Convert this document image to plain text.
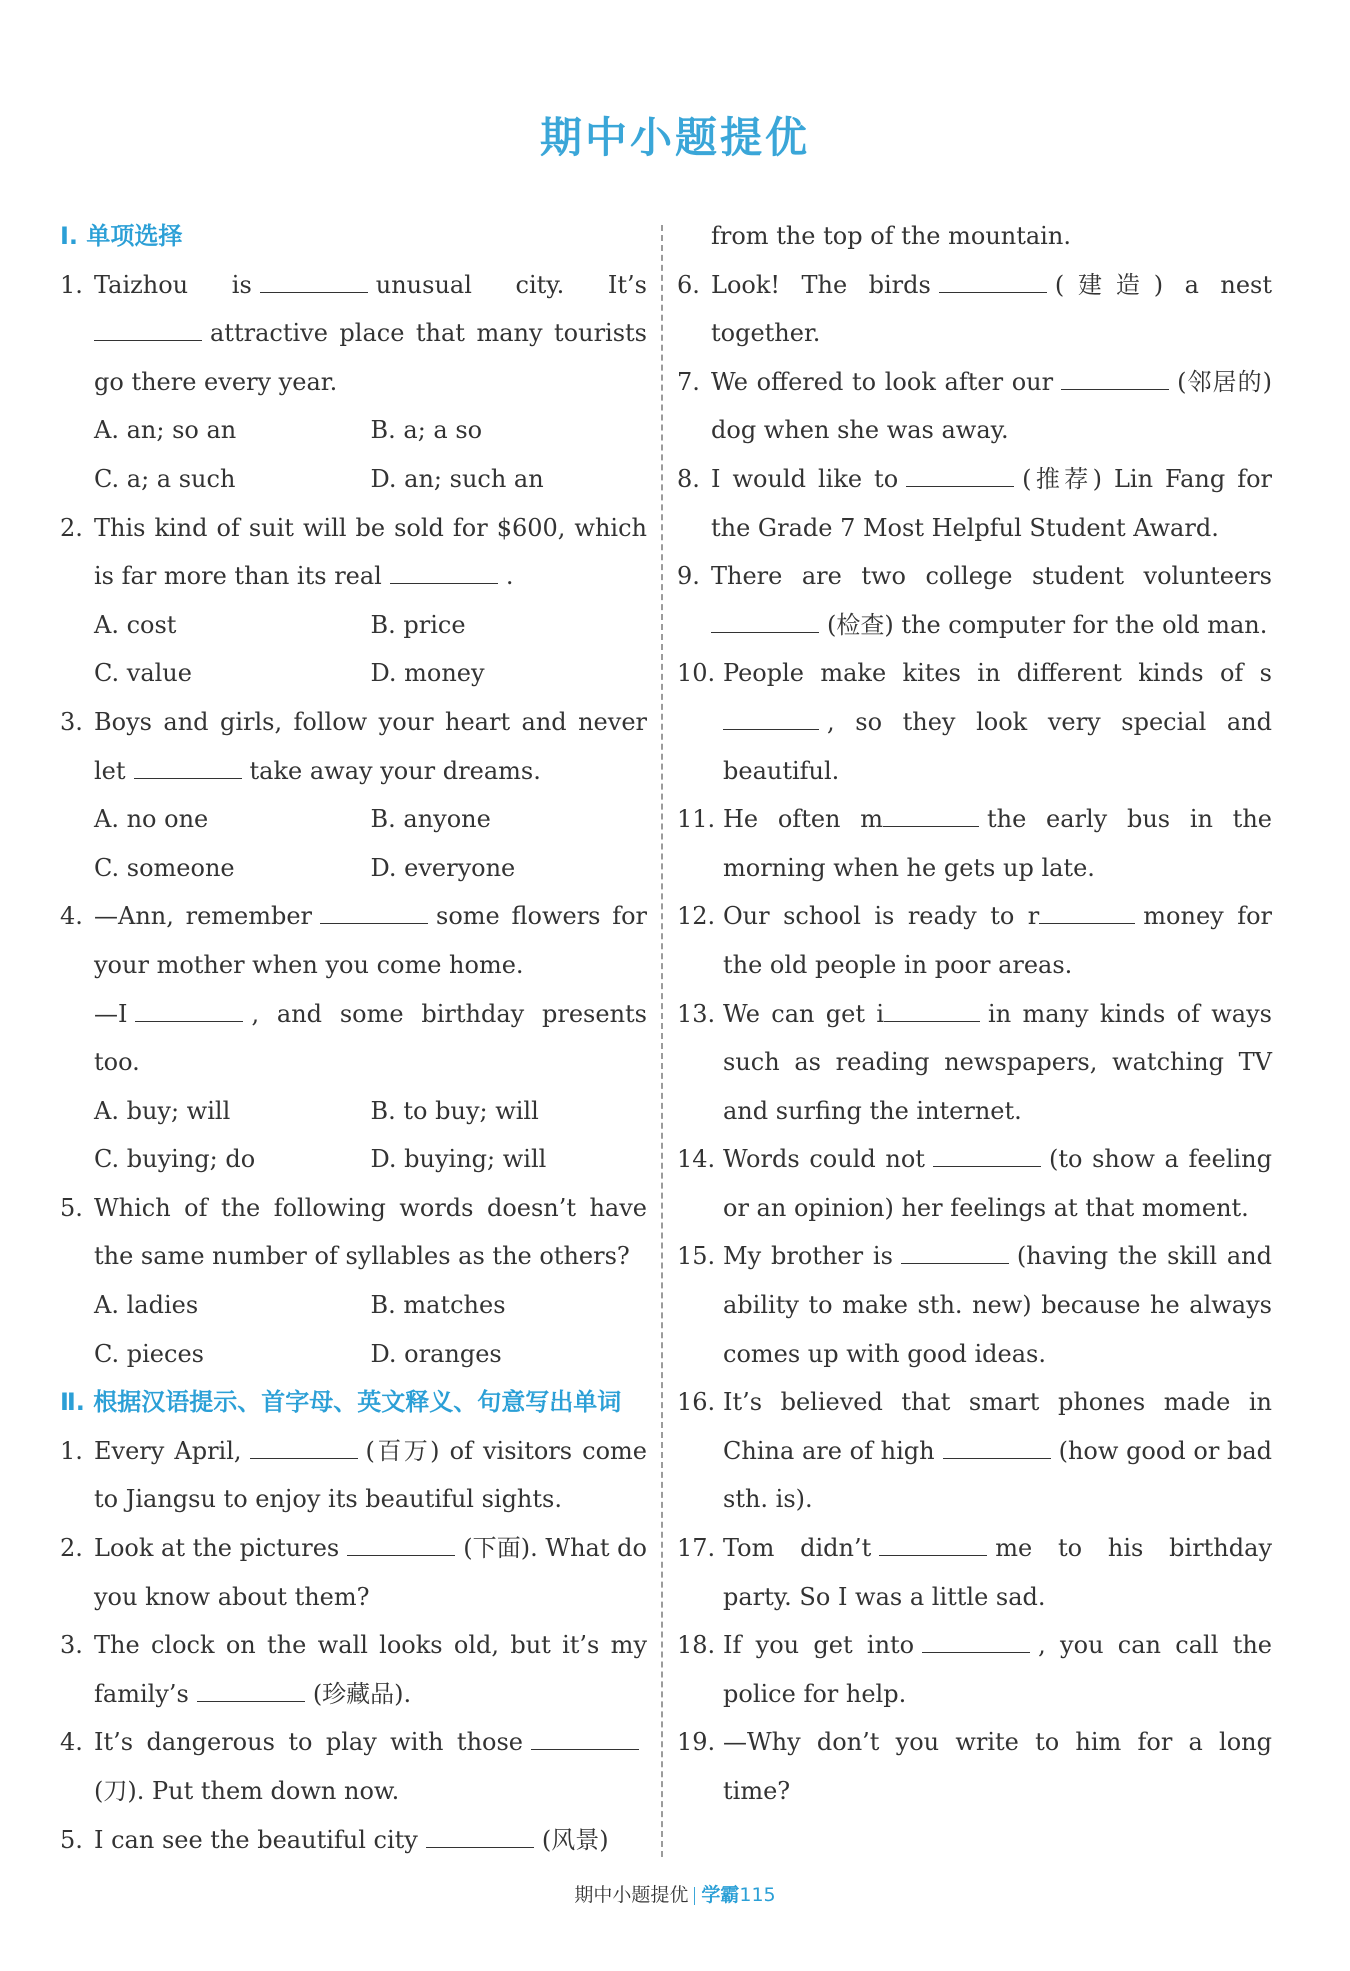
期中小题提优
Ⅰ. 单项选择
1. Taizhou is	unusual city. It’s attractive place that many tourists go there every year.
A. an; so an	B. a; a so
C. a; a such	D. an; such an
2. This kind of suit will be sold for $600, which is far more than its real	.
A. cost	B. price
C. value	D. money
3. Boys and girls, follow your heart and never let	take away your dreams.
A. no one	B. anyone
C. someone	D. everyone
4. —Ann, remember	some flowers for your mother when you come home.
—I	, and some birthday presents too.
A. buy; will	B. to buy; will
C. buying; do	D. buying; will
5. Which of the following words doesn’t have the same number of syllables as the others?
A. ladies	B. matches
C. pieces	D. oranges
Ⅱ. 根据汉语提示、首字母、英文释义、句意写出单词
1. Every April,	(百万) of visitors come to Jiangsu to enjoy its beautiful sights.
2. Look at the pictures	(下面). What do you know about them?
3. The clock on the wall looks old, but it’s my family’s	(珍藏品).
4. It’s dangerous to play with those(刀). Put them down now.
5. I can see the beautiful city	(风景)
from the top of the mountain.
6. Look! The birds	(建造) a nest together.
7. We offered to look after our	(邻居的) dog when she was away.
8. I would like to	(推荐) Lin Fang for the Grade 7 Most Helpful Student Award.
9. There are two college student volunteers (检查) the computer for the old man.
10. People make kites in different kinds of s, so they look very special and beautiful.
11. He often m	the early bus in the morning when he gets up late.
12. Our school is ready to r	money for the old people in poor areas.
13. We can get i	in many kinds of ways such as reading newspapers, watching TV and surfing the internet.
14. Words could not	(to show a feeling or an opinion) her feelings at that moment.
15. My brother is	(having the skill and ability to make sth. new) because he always comes up with good ideas.
16. It’s believed that smart phones made in China are of high	(how good or bad sth. is).
17. Tom didn’t	me to his birthday party. So I was a little sad.
18. If you get into	, you can call the police for help.
19. —Why don’t you write to him for a long time?
期中小题提优 学霸115
